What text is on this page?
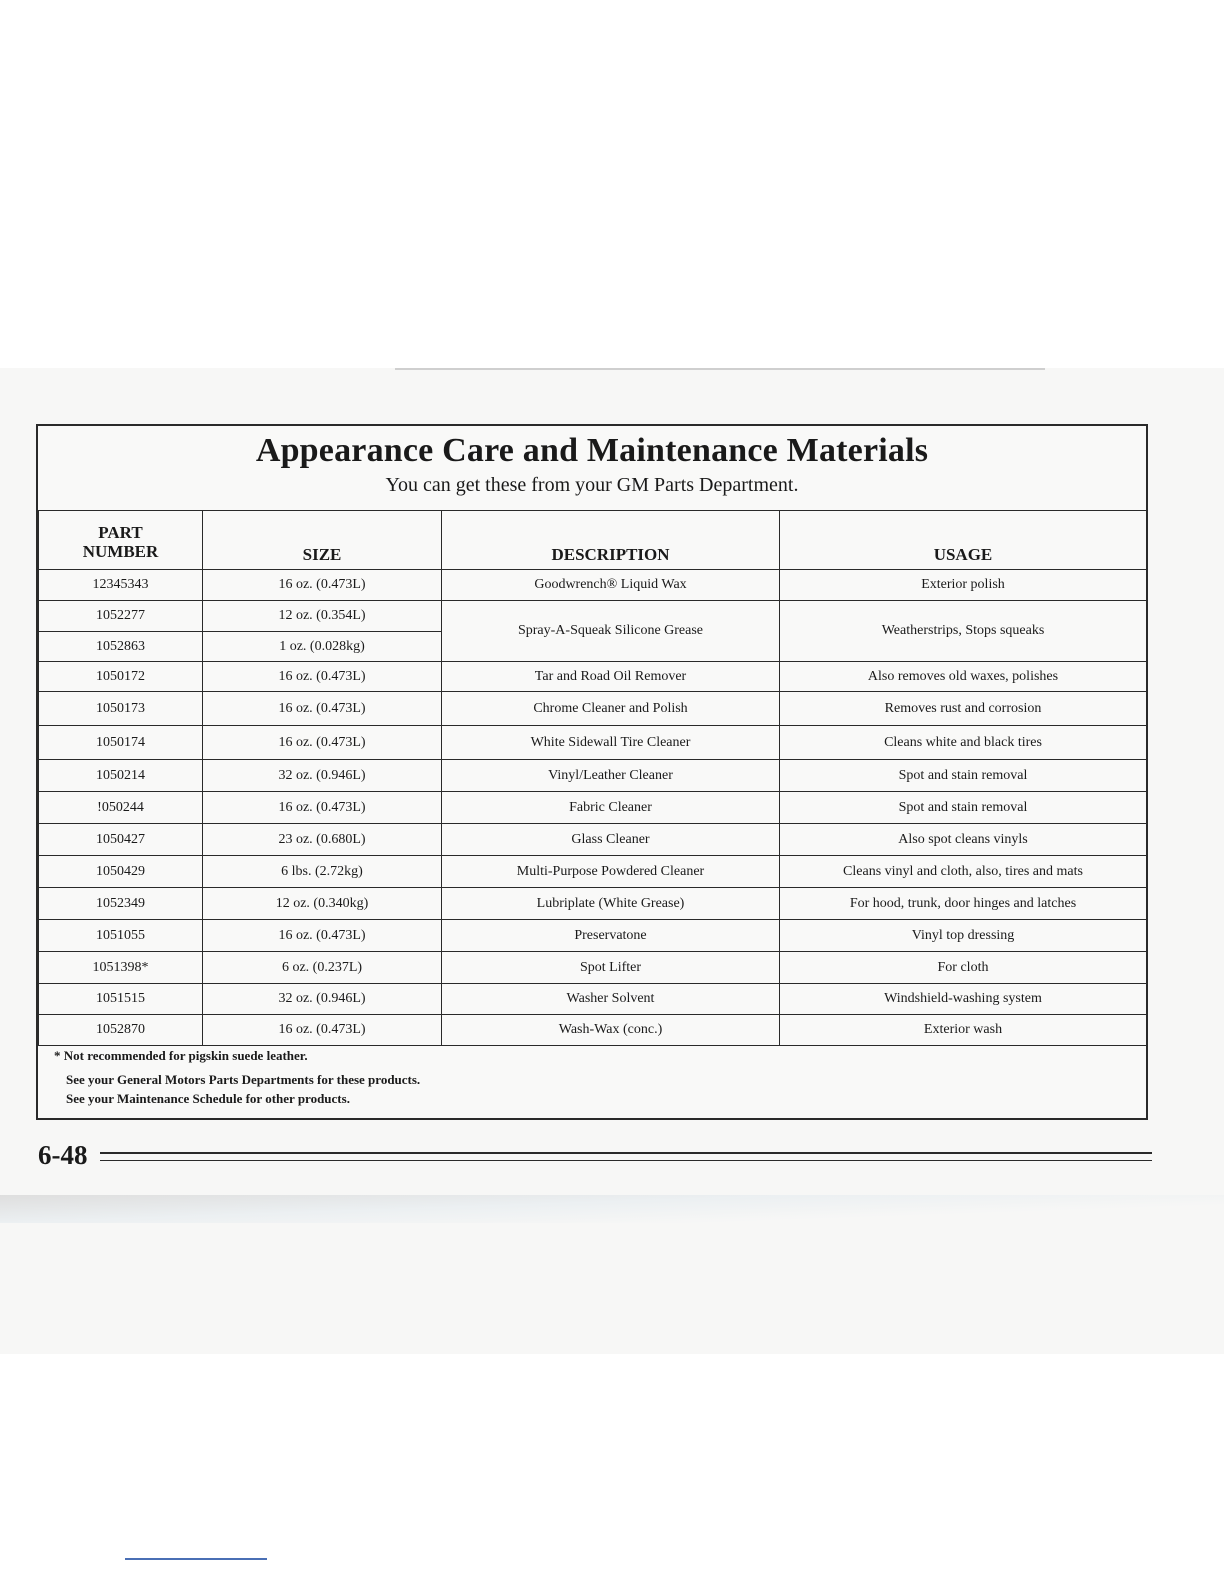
Appearance Care and Maintenance Materials
You can get these from your GM Parts Department.
PART
NUMBER	SIZE	DESCRIPTION	USAGE
12345343	16 oz. (0.473L)	Goodwrench® Liquid Wax	Exterior polish
1052277	12 oz. (0.354L)	Spray-A-Squeak Silicone Grease	Weatherstrips, Stops squeaks
1052863	1 oz. (0.028kg)		
1050172	16 oz. (0.473L)	Tar and Road Oil Remover	Also removes old waxes, polishes
1050173	16 oz. (0.473L)	Chrome Cleaner and Polish	Removes rust and corrosion
1050174	16 oz. (0.473L)	White Sidewall Tire Cleaner	Cleans white and black tires
1050214	32 oz. (0.946L)	Vinyl/Leather Cleaner	Spot and stain removal
!050244	16 oz. (0.473L)	Fabric Cleaner	Spot and stain removal
1050427	23 oz. (0.680L)	Glass Cleaner	Also spot cleans vinyls
1050429	6 lbs. (2.72kg)	Multi-Purpose Powdered Cleaner	Cleans vinyl and cloth, also, tires and mats
1052349	12 oz. (0.340kg)	Lubriplate (White Grease)	For hood, trunk, door hinges and latches
1051055	16 oz. (0.473L)	Preservatone	Vinyl top dressing
1051398*	6 oz. (0.237L)	Spot Lifter	For cloth
1051515	32 oz. (0.946L)	Washer Solvent	Windshield-washing system
1052870	16 oz. (0.473L)	Wash-Wax (conc.)	Exterior wash
* Not recommended for pigskin suede leather.
See your General Motors Parts Departments for these products.
See your Maintenance Schedule for other products.
6-48
